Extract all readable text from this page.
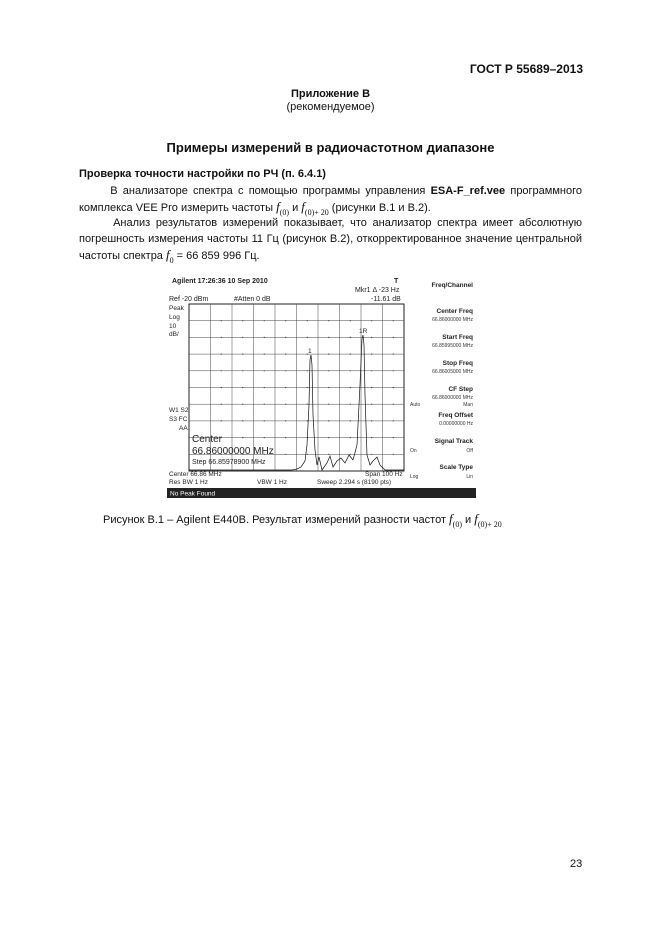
ГОСТ Р 55689–2013
Приложение В
(рекомендуемое)
Примеры измерений в радиочастотном диапазоне
Проверка точности настройки по РЧ (п. 6.4.1)
В анализаторе спектра с помощью программы управления ESA-F_ref.vee программного комплекса VEE Pro измерить частоты $f_{(0)}$ и $f_{(0)+ 20}$ (рисунки В.1 и В.2).
Анализ результатов измерений показывает, что анализатор спектра имеет абсолютную погрешность измерения частоты 11 Гц (рисунок В.2), откорректированное значение центральной частоты спектра $f_0 = 66$ 859 996 Гц.
Agilent 17:26:36 10 Sep 2010	T
Mkr1 Δ -23 Hz
-11.61 dB
Ref -20 dBm	#Atten 0 dB
Peak
Log
10
dB/
W1 S2
S3 FC
AA
1
1R
Center
66.86000000 MHz
Step 66.85978900 MHz
Center 66.86 MHz	Span 100 Hz
Res BW 1 Hz	VBW 1 Hz	Sweep 2.294 s (8190 pts)
No Peak Found
Freq/Channel
Center Freq
66.86000000 MHz
Start Freq
66.85995000 MHz
Stop Freq
66.86005000 MHz
CF Step
66.86000000 MHz
Auto	Man
Freq Offset
0.00000000 Hz
Signal Track
On	Off
Scale Type
Log	Lin
Рисунок В.1 – Agilent E440B. Результат измерений разности частот $f_{(0)}$ и $f_{(0)+ 20}$
23
